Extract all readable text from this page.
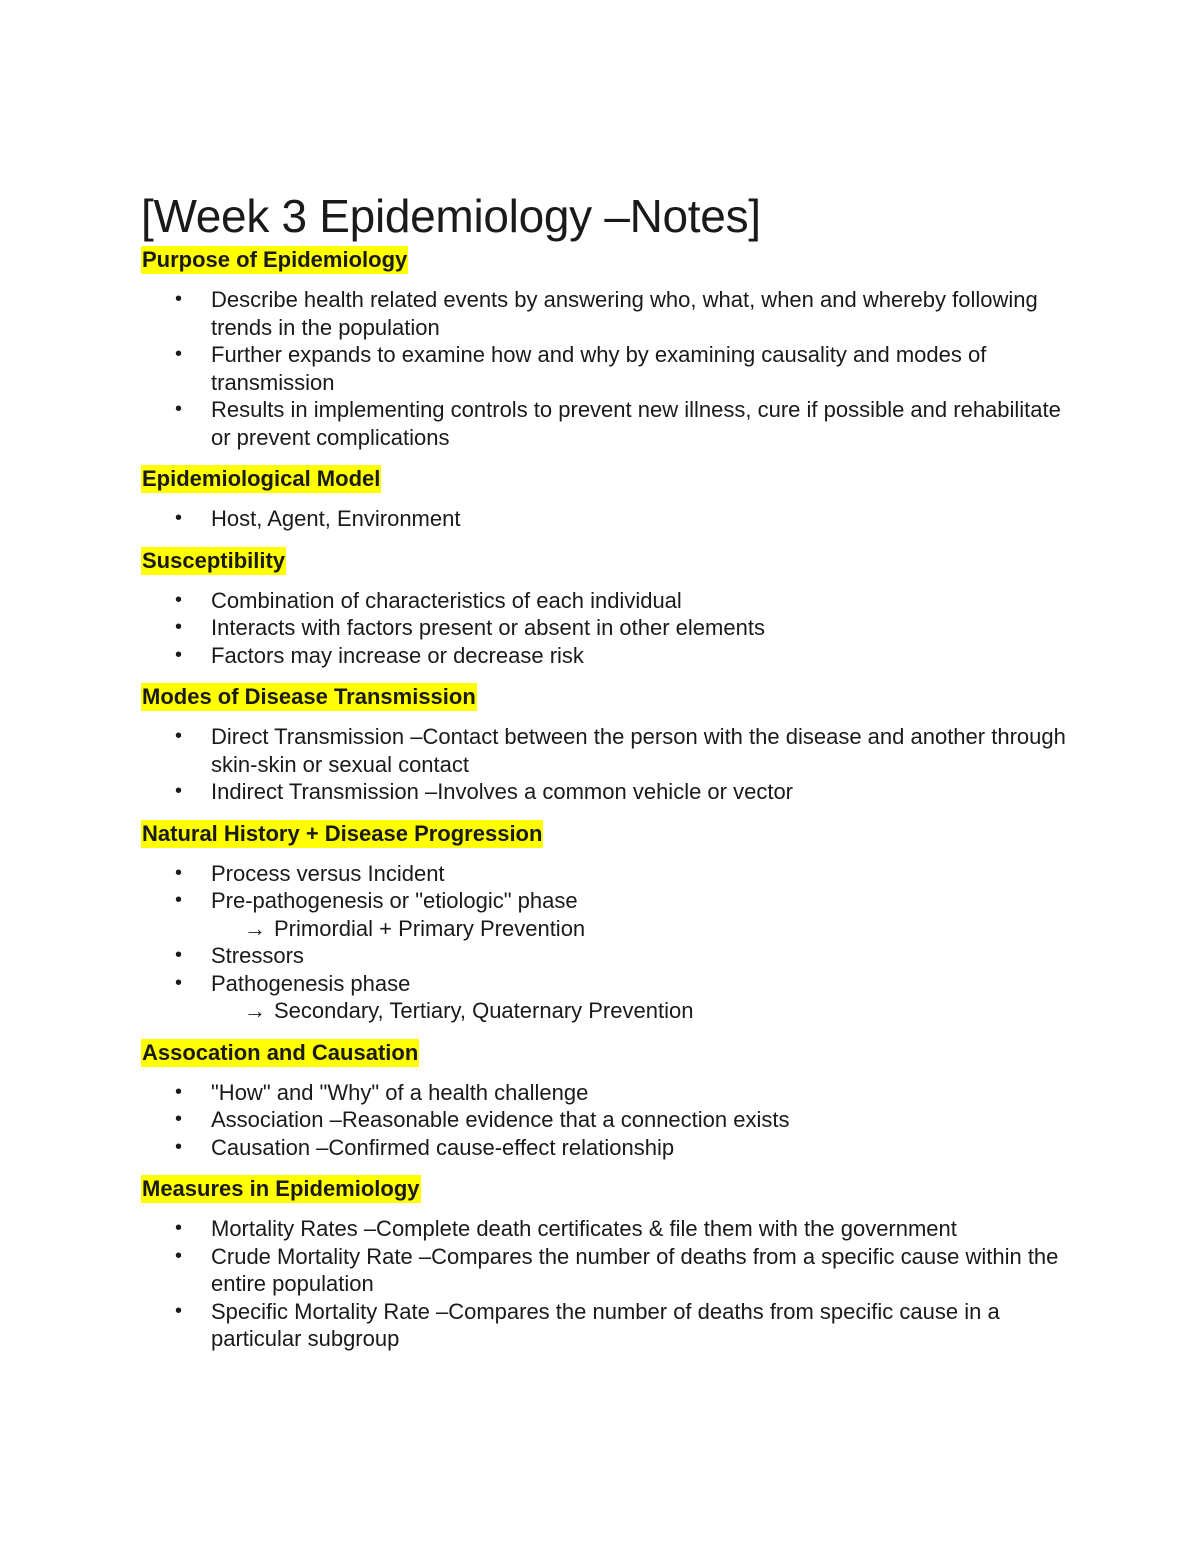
[Week 3 Epidemiology –Notes]
Purpose of Epidemiology
• Describe health related events by answering who, what, when and whereby following trends in the population
• Further expands to examine how and why by examining causality and modes of transmission
• Results in implementing controls to prevent new illness, cure if possible and rehabilitate or prevent complications
Epidemiological Model
• Host, Agent, Environment
Susceptibility
• Combination of characteristics of each individual
• Interacts with factors present or absent in other elements
• Factors may increase or decrease risk
Modes of Disease Transmission
• Direct Transmission –Contact between the person with the disease and another through skin-skin or sexual contact
• Indirect Transmission –Involves a common vehicle or vector
Natural History + Disease Progression
• Process versus Incident
• Pre-pathogenesis or "etiologic" phase
→ Primordial + Primary Prevention
• Stressors
• Pathogenesis phase
→ Secondary, Tertiary, Quaternary Prevention
Assocation and Causation
• "How" and "Why" of a health challenge
• Association –Reasonable evidence that a connection exists
• Causation –Confirmed cause-effect relationship
Measures in Epidemiology
• Mortality Rates –Complete death certificates & file them with the government
• Crude Mortality Rate –Compares the number of deaths from a specific cause within the entire population
• Specific Mortality Rate –Compares the number of deaths from specific cause in a particular subgroup
